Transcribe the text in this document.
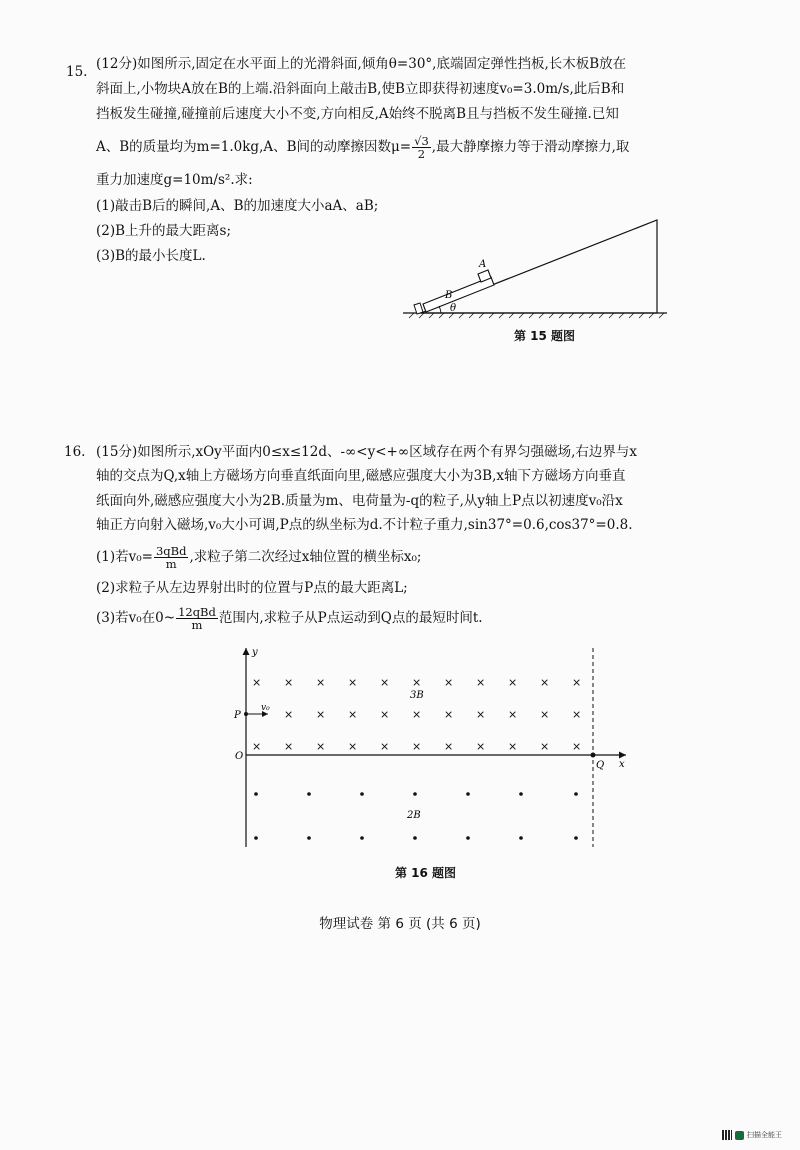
15. (12分)如图所示,固定在水平面上的光滑斜面,倾角θ=30°,底端固定弹性挡板,长木板B放在
斜面上,小物块A放在B的上端.沿斜面向上敲击B,使B立即获得初速度v₀=3.0m/s,此后B和
挡板发生碰撞,碰撞前后速度大小不变,方向相反,A始终不脱离B且与挡板不发生碰撞.已知
A、B的质量均为m=1.0kg,A、B间的动摩擦因数$\mu= \frac{√3}{2}$ ,最大静摩擦力等于滑动摩擦力,取
重力加速度g=10m/s².求:
(1)敲击B后的瞬间,A、B的加速度大小aA、aB;
(2)B上升的最大距离s;
(3)B的最小长度L.
A
B
θ
第 15 题图
16. (15分)如图所示,xOy平面内0≤x≤12d、-∞<y<+∞区域存在两个有界匀强磁场,右边界与x
轴的交点为Q,x轴上方磁场方向垂直纸面向里,磁感应强度大小为3B,x轴下方磁场方向垂直
纸面向外,磁感应强度大小为2B.质量为m、电荷量为-q的粒子,从y轴上P点以初速度v₀沿x
轴正方向射入磁场,v₀大小可调,P点的纵坐标为d.不计粒子重力,sin37°=0.6,cos37°=0.8.
(1)若$v_0= \frac{\text{3qBd}}{m}$ ,求粒子第二次经过x轴位置的横坐标x₀;
(2)求粒子从左边界射出时的位置与P点的最大距离L;
(3)若v₀在0~ $\frac{\text{12qBd}}{m}$ 范围内,求粒子从P点运动到Q点的最短时间t.
y
x
O
Q
P
v₀
3B
2B
× × × × × × × × × × ×
× × × × × × × × × ×
× × × × × × × × × × ×
第 16 题图
物理试卷 第 6 页 (共 6 页)
扫描全能王
